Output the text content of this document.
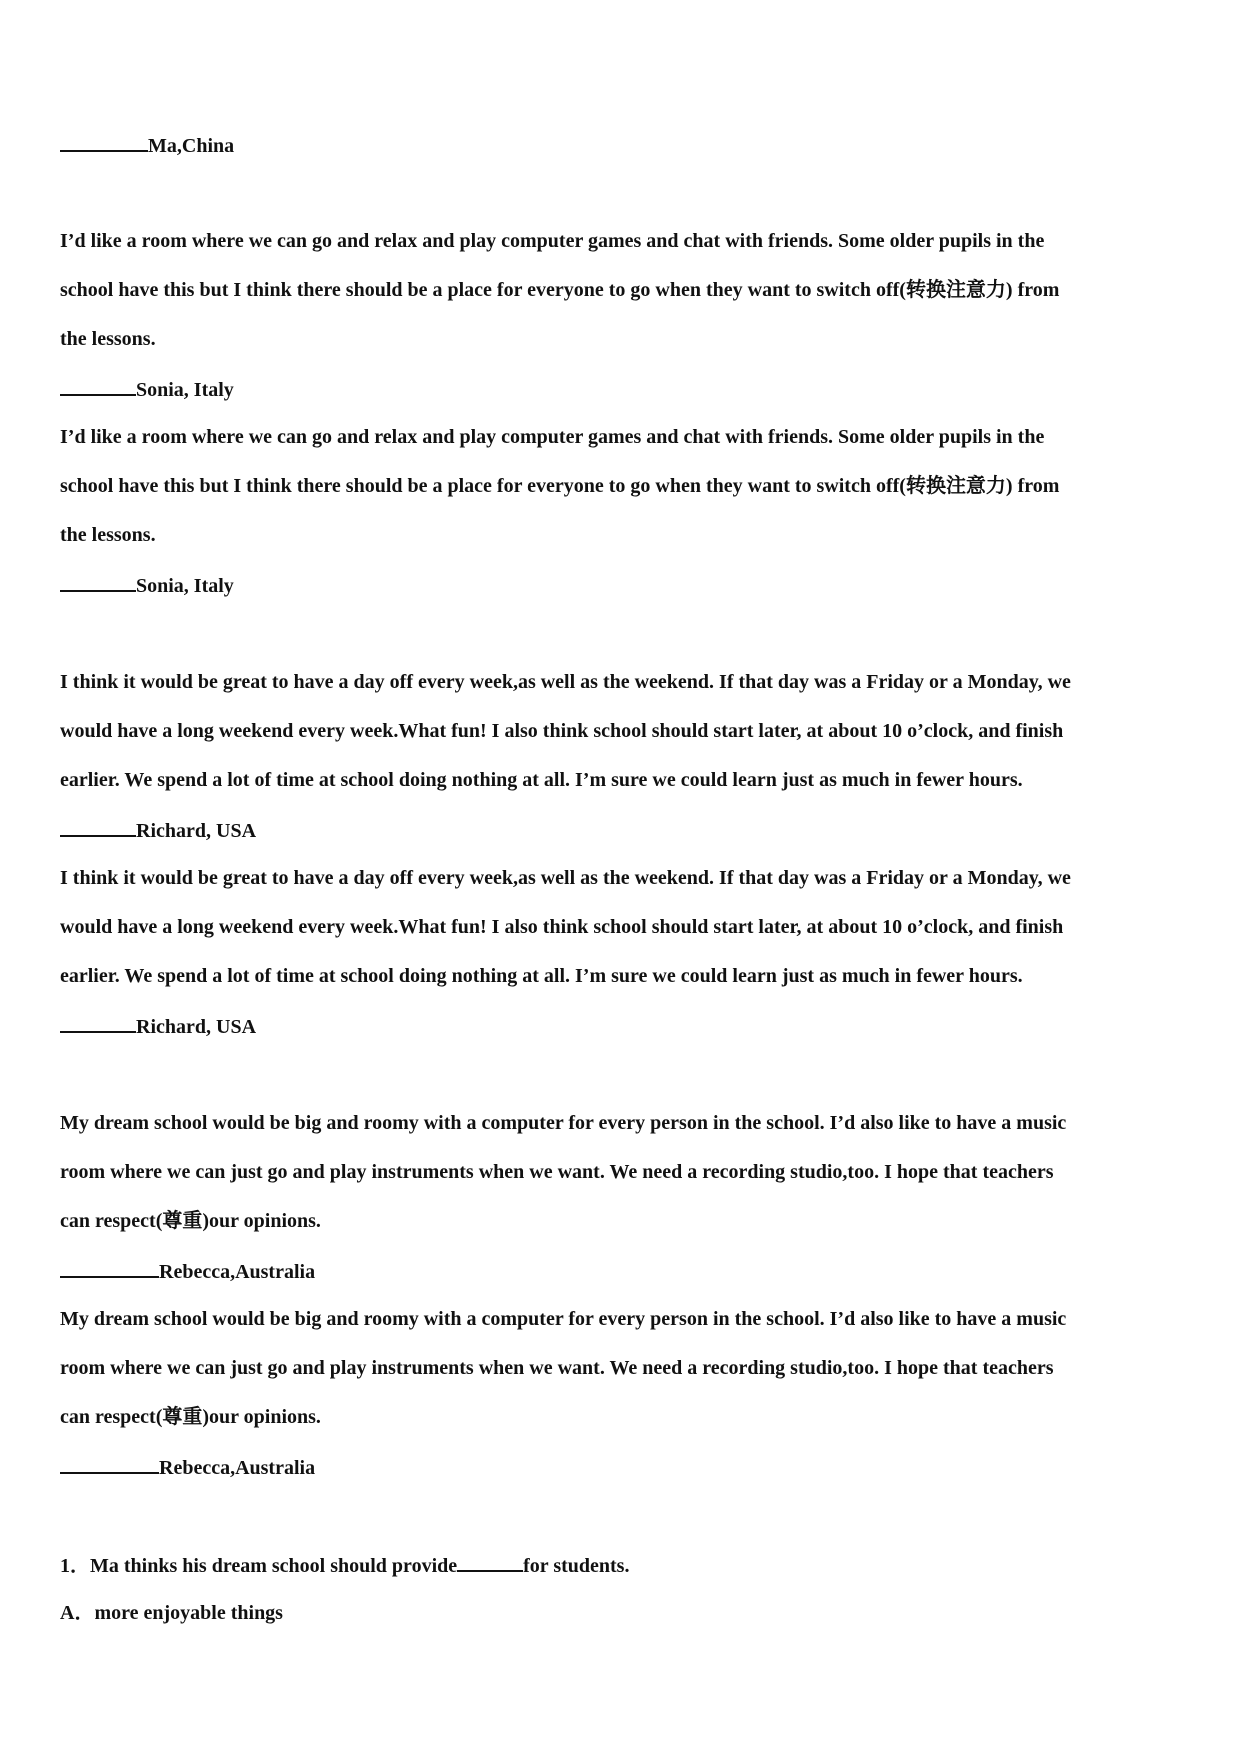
Ma,China
I’d like a room where we can go and relax and play computer games and chat with friends. Some older pupils in the
school have this but I think there should be a place for everyone to go when they want to switch off(转换注意力) from
the lessons.
Sonia, Italy
I’d like a room where we can go and relax and play computer games and chat with friends. Some older pupils in the
school have this but I think there should be a place for everyone to go when they want to switch off(转换注意力) from
the lessons.
Sonia, Italy
I think it would be great to have a day off every week,as well as the weekend. If that day was a Friday or a Monday, we
would have a long weekend every week.What fun! I also think school should start later, at about 10 o’clock, and finish
earlier. We spend a lot of time at school doing nothing at all. I’m sure we could learn just as much in fewer hours.
Richard, USA
I think it would be great to have a day off every week,as well as the weekend. If that day was a Friday or a Monday, we
would have a long weekend every week.What fun! I also think school should start later, at about 10 o’clock, and finish
earlier. We spend a lot of time at school doing nothing at all. I’m sure we could learn just as much in fewer hours.
Richard, USA
My dream school would be big and roomy with a computer for every person in the school. I’d also like to have a music
room where we can just go and play instruments when we want. We need a recording studio,too. I hope that teachers
can respect(尊重)our opinions.
Rebecca,Australia
My dream school would be big and roomy with a computer for every person in the school. I’d also like to have a music
room where we can just go and play instruments when we want. We need a recording studio,too. I hope that teachers
can respect(尊重)our opinions.
Rebecca,Australia
1．Ma thinks his dream school should provide	for students.
A．more enjoyable things
